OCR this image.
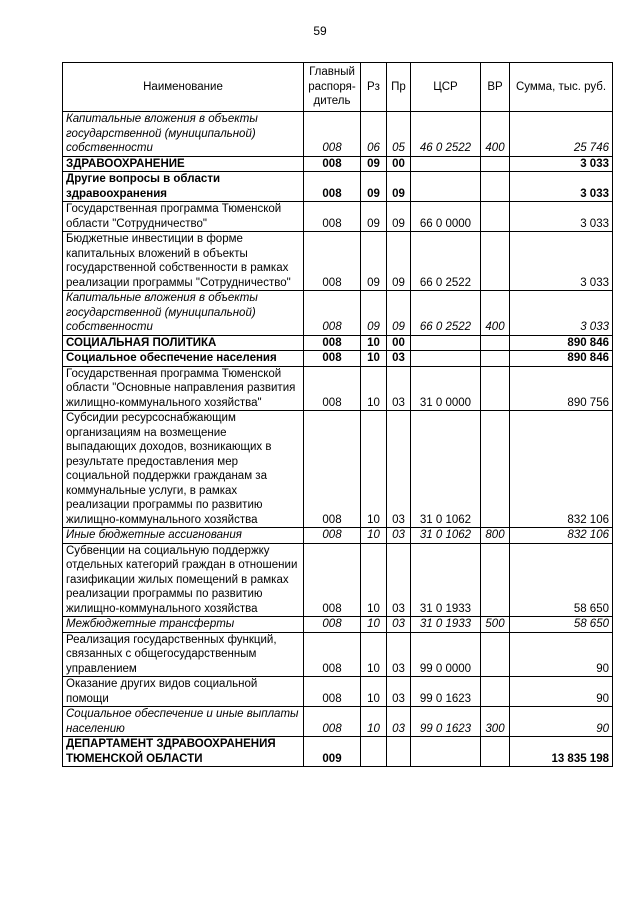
59
Наименование	Главный распоря-дитель	Рз	Пр	ЦСР	ВР	Сумма, тыс. руб.
Капитальные вложения в объекты государственной (муниципальной) собственности	008	06	05	46 0 2522	400	25 746
ЗДРАВООХРАНЕНИЕ	008	09	00			3 033
Другие вопросы в области здравоохранения	008	09	09			3 033
Государственная программа Тюменской области "Сотрудничество"	008	09	09	66 0 0000		3 033
Бюджетные инвестиции в форме капитальных вложений в объекты государственной собственности в рамках реализации программы "Сотрудничество"	008	09	09	66 0 2522		3 033
Капитальные вложения в объекты государственной (муниципальной) собственности	008	09	09	66 0 2522	400	3 033
СОЦИАЛЬНАЯ ПОЛИТИКА	008	10	00			890 846
Социальное обеспечение населения	008	10	03			890 846
Государственная программа Тюменской области "Основные направления развития жилищно-коммунального хозяйства"	008	10	03	31 0 0000		890 756
Субсидии ресурсоснабжающим организациям на возмещение выпадающих доходов, возникающих в результате предоставления мер социальной поддержки гражданам за коммунальные услуги, в рамках реализации программы по развитию жилищно-коммунального хозяйства	008	10	03	31 0 1062		832 106
Иные бюджетные ассигнования	008	10	03	31 0 1062	800	832 106
Субвенции на социальную поддержку отдельных категорий граждан в отношении газификации жилых помещений в рамках реализации программы по развитию жилищно-коммунального хозяйства	008	10	03	31 0 1933		58 650
Межбюджетные трансферты	008	10	03	31 0 1933	500	58 650
Реализация государственных функций, связанных с общегосударственным управлением	008	10	03	99 0 0000		90
Оказание других видов социальной помощи	008	10	03	99 0 1623		90
Социальное обеспечение и иные выплаты населению	008	10	03	99 0 1623	300	90
ДЕПАРТАМЕНТ ЗДРАВООХРАНЕНИЯ ТЮМЕНСКОЙ ОБЛАСТИ	009					13 835 198
